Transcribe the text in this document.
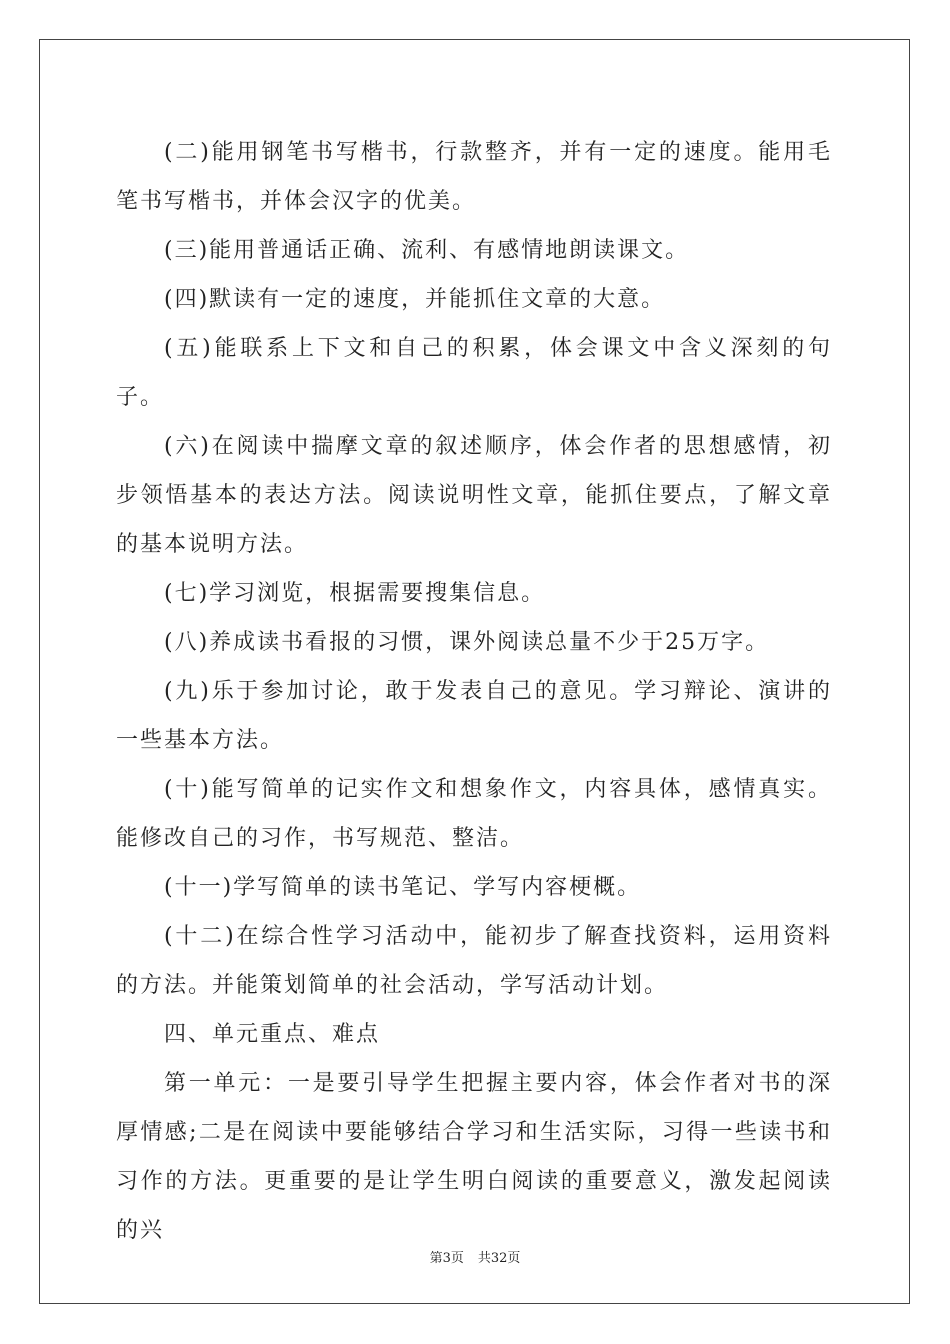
(二)能用钢笔书写楷书，行款整齐，并有一定的速度。能用毛笔书写楷书，并体会汉字的优美。

(三)能用普通话正确、流利、有感情地朗读课文。

(四)默读有一定的速度，并能抓住文章的大意。

(五)能联系上下文和自己的积累，体会课文中含义深刻的句子。

(六)在阅读中揣摩文章的叙述顺序，体会作者的思想感情，初步领悟基本的表达方法。阅读说明性文章，能抓住要点，了解文章的基本说明方法。

(七)学习浏览，根据需要搜集信息。

(八)养成读书看报的习惯，课外阅读总量不少于25万字。

(九)乐于参加讨论，敢于发表自己的意见。学习辩论、演讲的一些基本方法。

(十)能写简单的记实作文和想象作文，内容具体，感情真实。能修改自己的习作，书写规范、整洁。

(十一)学写简单的读书笔记、学写内容梗概。

(十二)在综合性学习活动中，能初步了解查找资料，运用资料的方法。并能策划简单的社会活动，学写活动计划。

四、单元重点、难点

第一单元：一是要引导学生把握主要内容，体会作者对书的深厚情感;二是在阅读中要能够结合学习和生活实际，习得一些读书和习作的方法。更重要的是让学生明白阅读的重要意义，激发起阅读的兴

第3页 共32页
